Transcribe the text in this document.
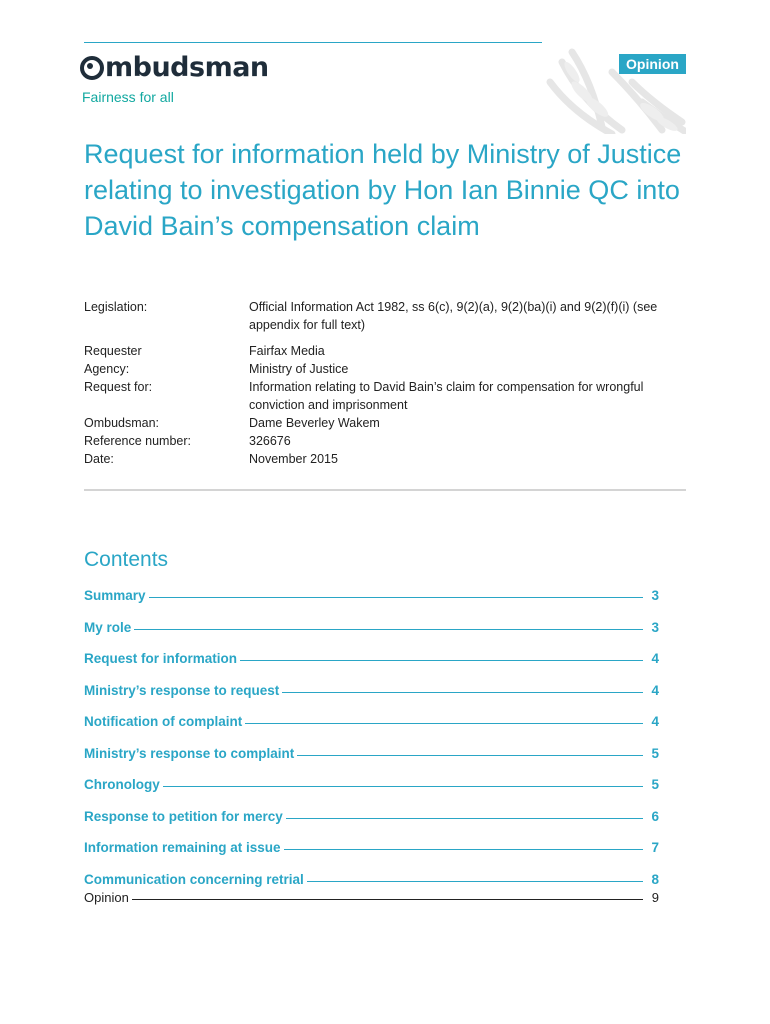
mbudsman
Fairness for all
Opinion
Request for information held by Ministry of Justice relating to investigation by Hon Ian Binnie QC into David Bain’s compensation claim
Legislation:	Official Information Act 1982, ss 6(c), 9(2)(a), 9(2)(ba)(i) and 9(2)(f)(i) (see appendix for full text)
Requester	Fairfax Media
Agency:	Ministry of Justice
Request for:	Information relating to David Bain’s claim for compensation for wrongful conviction and imprisonment
Ombudsman:	Dame Beverley Wakem
Reference number:	326676
Date:	November 2015
Contents
Summary	3
My role	3
Request for information	4
Ministry’s response to request	4
Notification of complaint	4
Ministry’s response to complaint	5
Chronology	5
Response to petition for mercy	6
Information remaining at issue	7
Communication concerning retrial	8
Opinion	9
